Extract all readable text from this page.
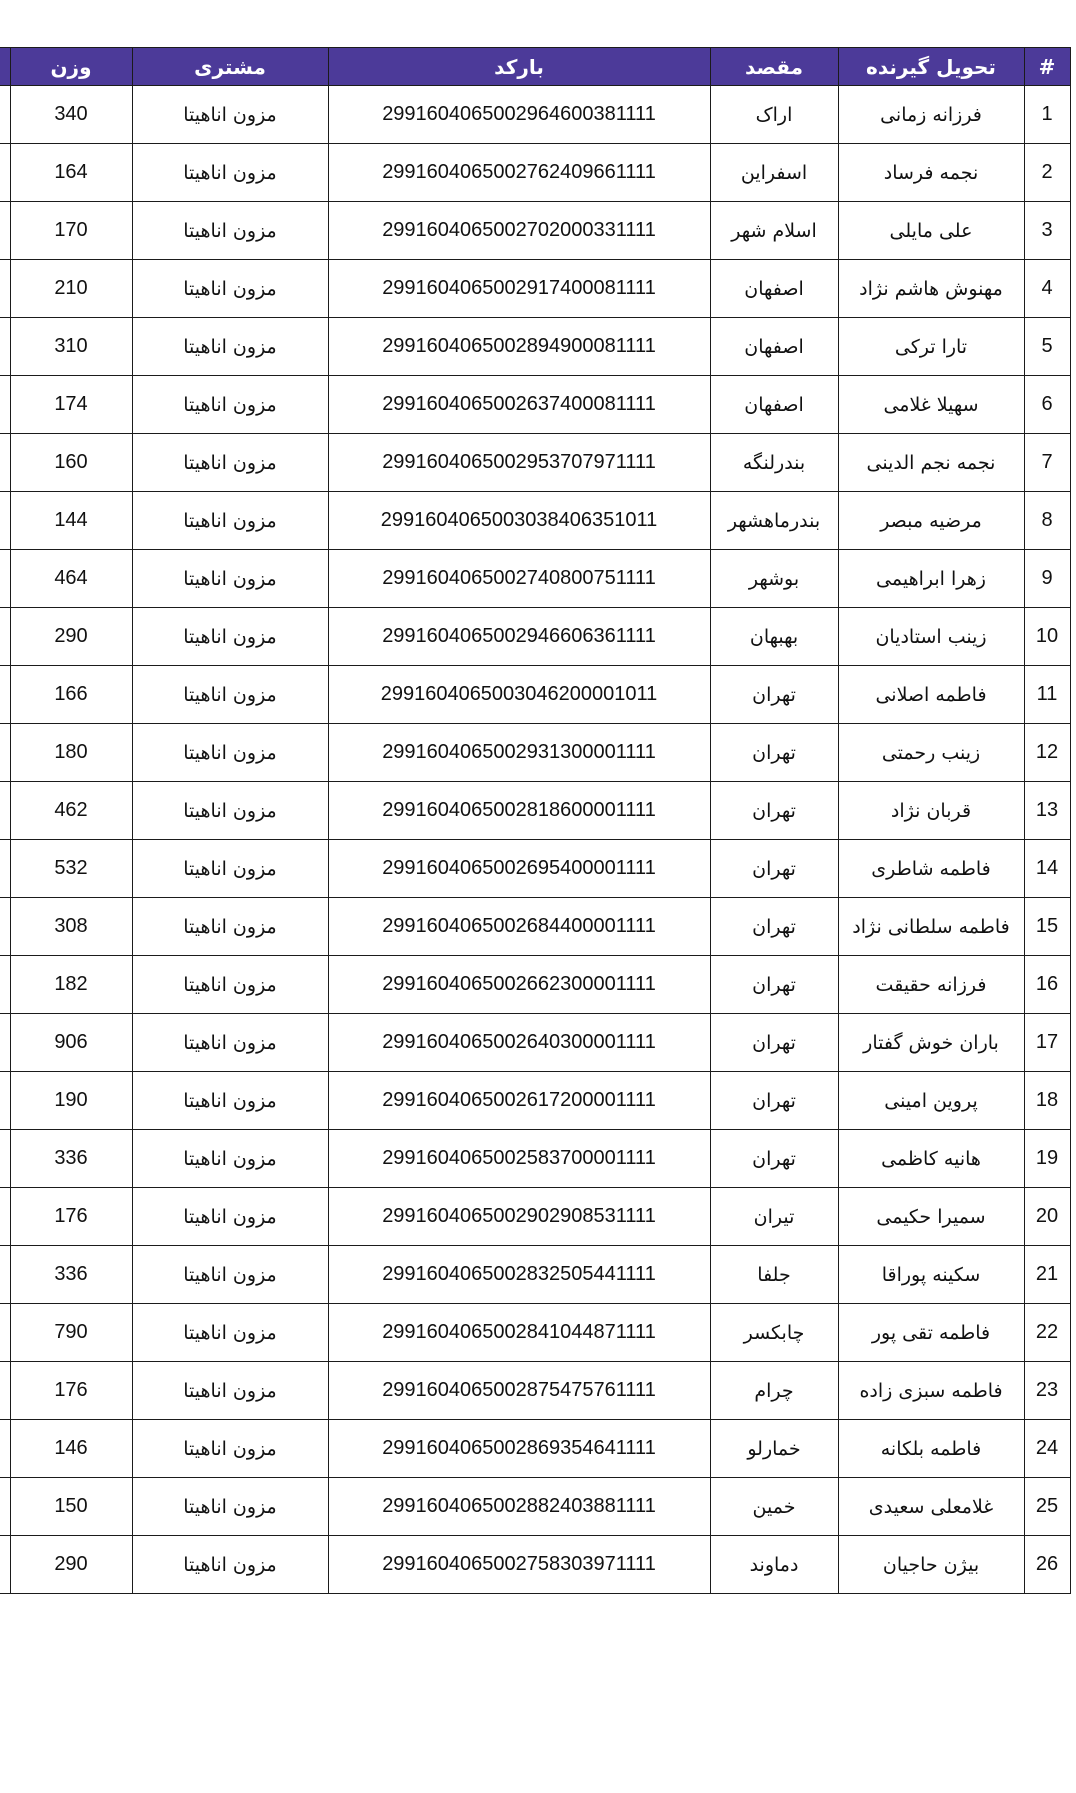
#	تحویل گیرنده	مقصد	بارکد	مشتری	وزن	
1	فرزانه زمانی	اراک	2991604065002964600381111	مزون اناهیتا	340	
2	نجمه فرساد	اسفراین	2991604065002762409661111	مزون اناهیتا	164	
3	علی مایلی	اسلام شهر	2991604065002702000331111	مزون اناهیتا	170	
4	مهنوش هاشم نژاد	اصفهان	2991604065002917400081111	مزون اناهیتا	210	
5	تارا ترکی	اصفهان	2991604065002894900081111	مزون اناهیتا	310	
6	سهیلا غلامی	اصفهان	2991604065002637400081111	مزون اناهیتا	174	
7	نجمه نجم الدینی	بندرلنگه	2991604065002953707971111	مزون اناهیتا	160	
8	مرضیه مبصر	بندرماهشهر	2991604065003038406351011	مزون اناهیتا	144	
9	زهرا ابراهیمی	بوشهر	2991604065002740800751111	مزون اناهیتا	464	
10	زینب استادیان	بهبهان	2991604065002946606361111	مزون اناهیتا	290	
11	فاطمه اصلانی	تهران	2991604065003046200001011	مزون اناهیتا	166	
12	زینب رحمتی	تهران	2991604065002931300001111	مزون اناهیتا	180	
13	قربان نژاد	تهران	2991604065002818600001111	مزون اناهیتا	462	
14	فاطمه شاطری	تهران	2991604065002695400001111	مزون اناهیتا	532	
15	فاطمه سلطانی نژاد	تهران	2991604065002684400001111	مزون اناهیتا	308	
16	فرزانه حقیقت	تهران	2991604065002662300001111	مزون اناهیتا	182	
17	باران خوش گفتار	تهران	2991604065002640300001111	مزون اناهیتا	906	
18	پروین امینی	تهران	2991604065002617200001111	مزون اناهیتا	190	
19	هانیه کاظمی	تهران	2991604065002583700001111	مزون اناهیتا	336	
20	سمیرا حکیمی	تیران	2991604065002902908531111	مزون اناهیتا	176	
21	سکینه پوراقا	جلفا	2991604065002832505441111	مزون اناهیتا	336	
22	فاطمه تقی پور	چابکسر	2991604065002841044871111	مزون اناهیتا	790	
23	فاطمه سبزی زاده	چرام	2991604065002875475761111	مزون اناهیتا	176	
24	فاطمه بلکانه	خمارلو	2991604065002869354641111	مزون اناهیتا	146	
25	غلامعلی سعیدی	خمین	2991604065002882403881111	مزون اناهیتا	150	
26	بیژن حاجیان	دماوند	2991604065002758303971111	مزون اناهیتا	290	
